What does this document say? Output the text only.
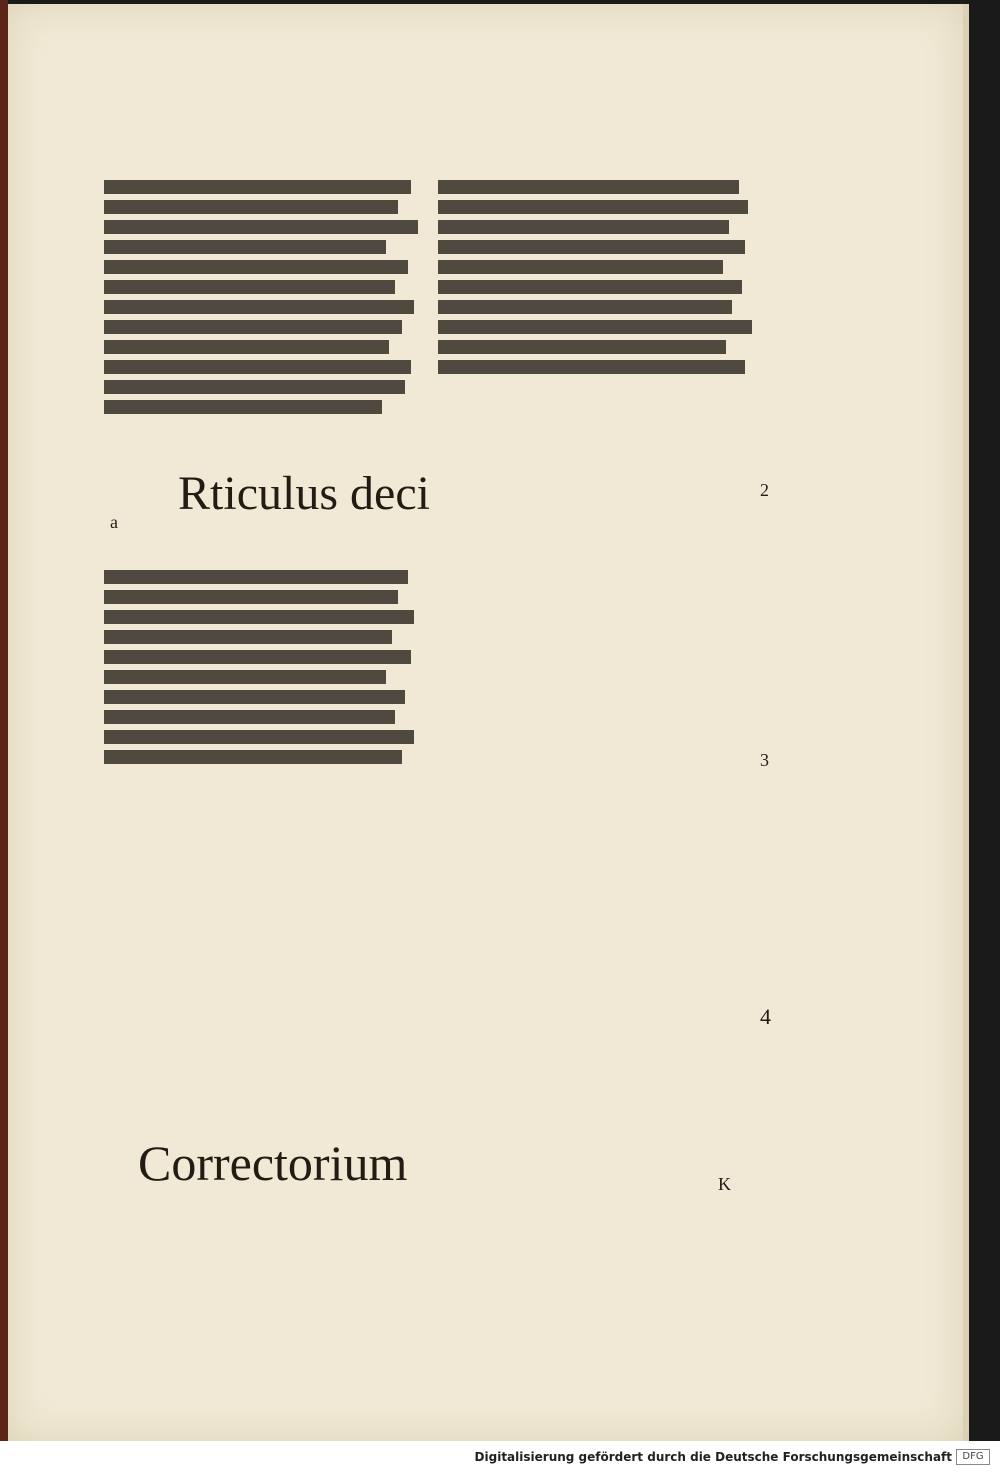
Rticulus deci
a
Correctorium
2
3
4
K
Digitalisierung gefördert durch die Deutsche Forschungsgemeinschaft	DFG
